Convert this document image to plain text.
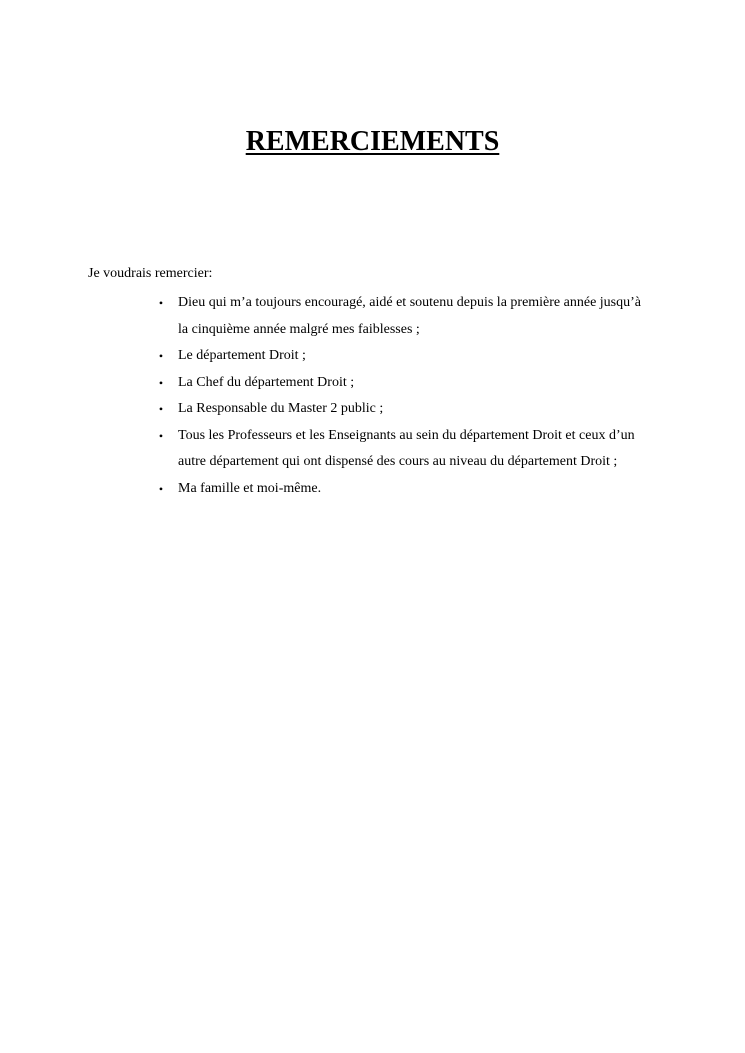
REMERCIEMENTS

Je voudrais remercier:

• Dieu qui m’a toujours encouragé, aidé et soutenu depuis la première année jusqu’à la cinquième année malgré mes faiblesses ;
• Le département Droit ;
• La Chef du département Droit ;
• La Responsable du Master 2 public ;
• Tous les Professeurs et les Enseignants au sein du département Droit et ceux d’un autre département qui ont dispensé des cours au niveau du département Droit ;
• Ma famille et moi-même.
